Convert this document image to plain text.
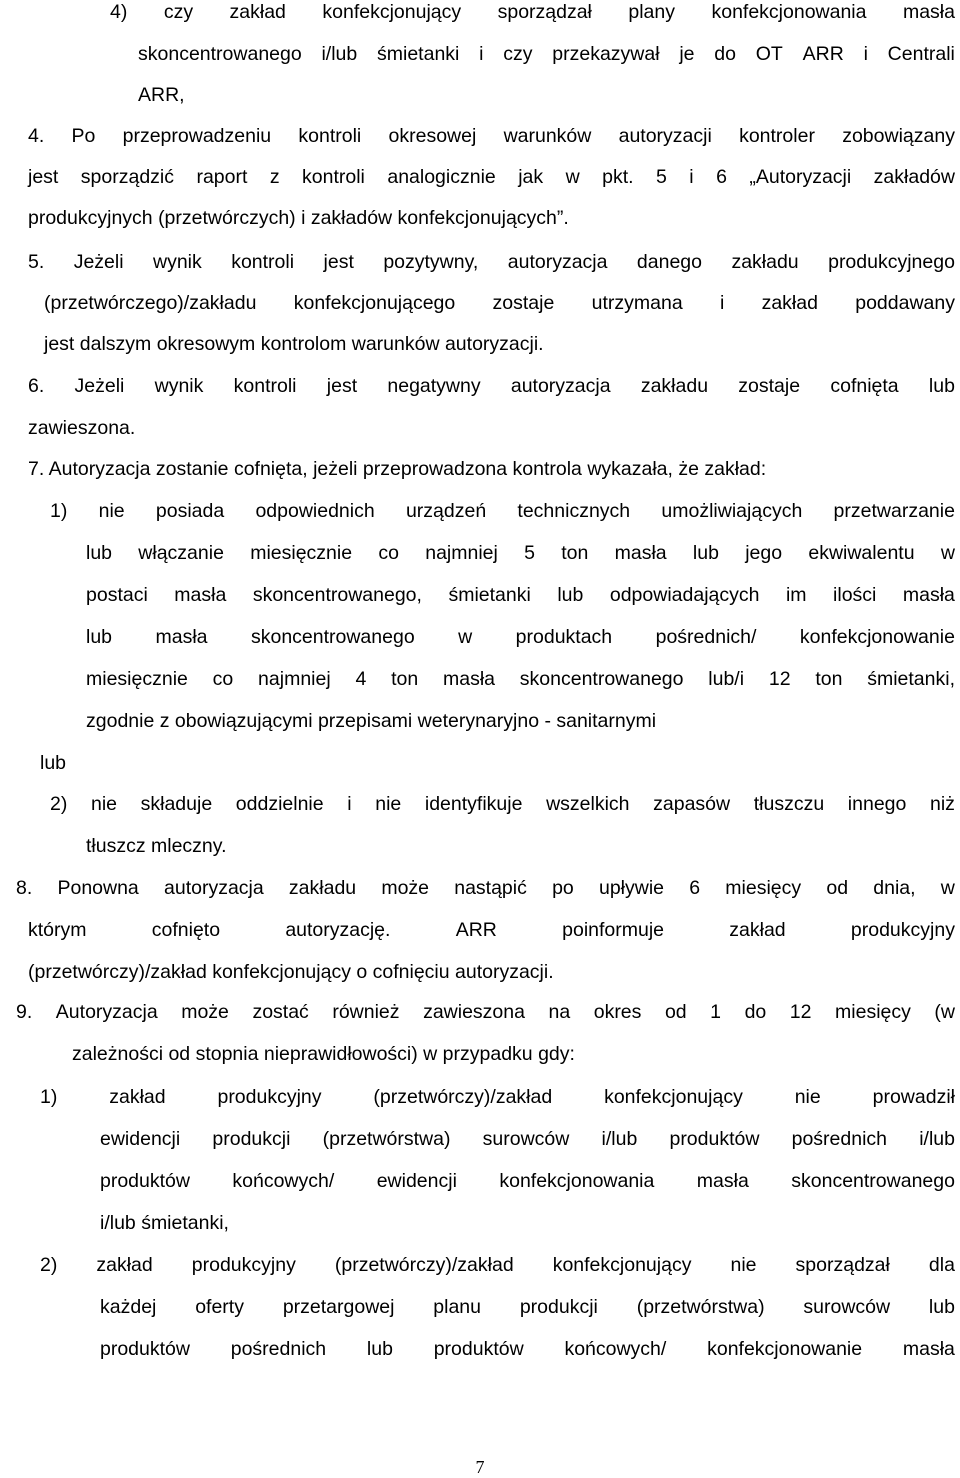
4) czy zakład konfekcjonujący sporządzał plany konfekcjonowania masła
skoncentrowanego i/lub śmietanki i czy przekazywał je do OT ARR i Centrali
ARR,
4. Po przeprowadzeniu kontroli okresowej warunków autoryzacji kontroler zobowiązany
jest sporządzić raport z kontroli analogicznie jak w pkt. 5 i 6 „Autoryzacji zakładów
produkcyjnych (przetwórczych) i zakładów konfekcjonujących”.
5. Jeżeli wynik kontroli jest pozytywny, autoryzacja danego zakładu produkcyjnego
(przetwórczego)/zakładu konfekcjonującego zostaje utrzymana i zakład poddawany
jest dalszym okresowym kontrolom warunków autoryzacji.
6. Jeżeli wynik kontroli jest negatywny autoryzacja zakładu zostaje cofnięta lub
zawieszona.
7. Autoryzacja zostanie cofnięta, jeżeli przeprowadzona kontrola wykazała, że zakład:
1) nie posiada odpowiednich urządzeń technicznych umożliwiających przetwarzanie
lub włączanie miesięcznie co najmniej 5 ton masła lub jego ekwiwalentu w
postaci masła skoncentrowanego, śmietanki lub odpowiadających im ilości masła
lub masła skoncentrowanego w produktach pośrednich/ konfekcjonowanie
miesięcznie co najmniej 4 ton masła skoncentrowanego lub/i 12 ton śmietanki,
zgodnie z obowiązującymi przepisami weterynaryjno - sanitarnymi
lub
2) nie składuje oddzielnie i nie identyfikuje wszelkich zapasów tłuszczu innego niż
tłuszcz mleczny.
8. Ponowna autoryzacja zakładu może nastąpić po upływie 6 miesięcy od dnia, w
którym	cofnięto	autoryzację.	ARR	poinformuje	zakład	produkcyjny
(przetwórczy)/zakład konfekcjonujący o cofnięciu autoryzacji.
9. Autoryzacja może zostać również zawieszona na okres od 1 do 12 miesięcy (w
zależności od stopnia nieprawidłowości) w przypadku gdy:
1)	zakład	produkcyjny	(przetwórczy)/zakład	konfekcjonujący	nie	prowadził
ewidencji produkcji (przetwórstwa) surowców i/lub produktów pośrednich i/lub
produktów końcowych/ ewidencji konfekcjonowania masła skoncentrowanego
i/lub śmietanki,
2) zakład produkcyjny (przetwórczy)/zakład konfekcjonujący nie sporządzał dla
każdej oferty przetargowej planu produkcji (przetwórstwa) surowców lub
produktów pośrednich lub produktów końcowych/ konfekcjonowanie masła
7
